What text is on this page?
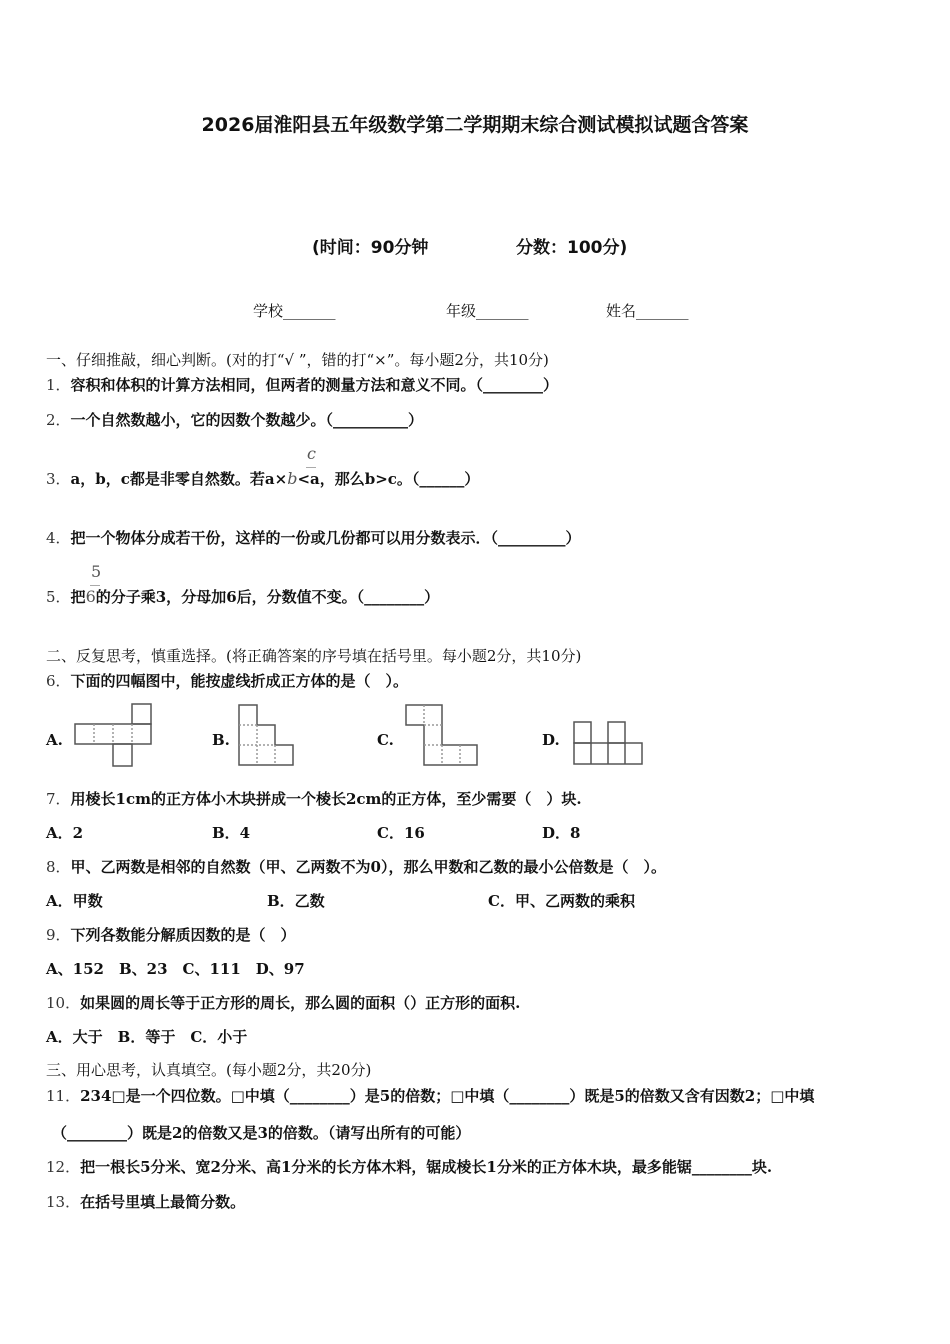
2026届淮阳县五年级数学第二学期期末综合测试模拟试题含答案
(时间：90分钟	分数：100分)
学校_______	年级_______	姓名_______
一、仔细推敲，细心判断。(对的打“√ ”，错的打“×”。每小题2分，共10分)
1．容积和体积的计算方法相同，但两者的测量方法和意义不同。（________）
2．一个自然数越小，它的因数个数越少。（__________）
c
3．a，b，c都是非零自然数。若a×b<a，那么b>c。（______）
4．把一个物体分成若干份，这样的一份或几份都可以用分数表示．（_________）
5
5．把6的分子乘3，分母加6后，分数值不变。（________）
二、反复思考，慎重选择。(将正确答案的序号填在括号里。每小题2分，共10分)
6．下面的四幅图中，能按虚线折成正方体的是（　）。
A.	B.	C.	D.
7．用棱长1cm的正方体小木块拼成一个棱长2cm的正方体，至少需要（　）块.
A．2	B．4	C．16	D．8
8．甲、乙两数是相邻的自然数（甲、乙两数不为0），那么甲数和乙数的最小公倍数是（　）。
A．甲数	B．乙数	C．甲、乙两数的乘积
9．下列各数能分解质因数的是（　）
A、152　B、23　C、111　D、97
10．如果圆的周长等于正方形的周长，那么圆的面积（）正方形的面积.
A．大于　B．等于　C．小于
三、用心思考，认真填空。(每小题2分，共20分)
11．234□是一个四位数。□中填（________）是5的倍数；□中填（________）既是5的倍数又含有因数2；□中填
（________）既是2的倍数又是3的倍数。（请写出所有的可能）
12．把一根长5分米、宽2分米、高1分米的长方体木料，锯成棱长1分米的正方体木块，最多能锯________块.
13．在括号里填上最简分数。
